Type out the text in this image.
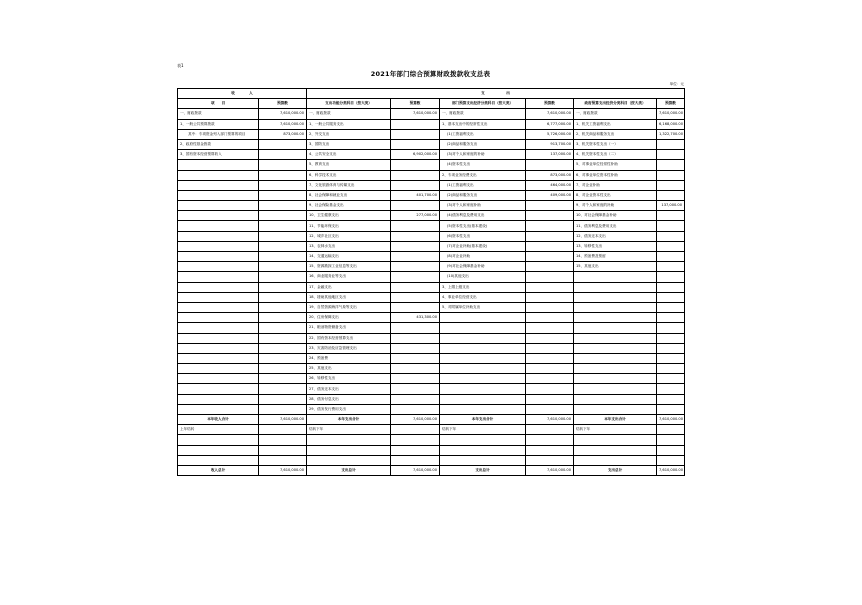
表1
2021年部门综合预算财政拨款收支总表
单位：元
收　　　　入		支　　　　　　出					
项　　目	预算数	支出功能分类科目（按大类）	预算数	部门预算支出经济分类科目（按大类）	预算数	政府预算支出经济分类科目（按大类）	预算数
一、财政拨款	7,610,000.00	一、财政拨款	7,610,000.00	一、财政拨款	7,610,000.00	一、财政拨款	7,610,000.00
1、一般公共预算拨款	7,610,000.00	1、一般公共服务支出		1、基本支出中的经常性支出	6,777,000.00	1、机关工资福利支出	6,168,000.00
其中：专项资金列入部门预算的项目	873,000.00	2、外交支出		(1)工资福利支出	5,726,000.00	2、机关商品和服务支出	1,322,700.00
2、政府性基金拨款		3、国防支出		(2)商品和服务支出	913,700.00	3、机关资本性支出（一）	
3、国有资本经营预算收入		4、公共安全支出	6,902,000.00	(3)对个人和家庭的补助	137,000.00	4、机关资本性支出（二）	
		5、教育支出		(4)资本性支出		5、对事业单位经常性补助	
		6、科学技术支出		2、专项业务经费支出	873,000.00	6、对事业单位资本性补助	
		7、文化旅游体育与传媒支出		(1)工资福利支出	464,000.00	7、对企业补助	
		8、社会保障和就业支出	401,700.00	(2)商品和服务支出	409,000.00	8、对企业资本性支出	
		9、社会保险基金支出		(3)对个人和家庭补助		9、对个人和家庭的补助	137,000.00
		10、卫生健康支出	277,000.00	(4)债务利息及费用支出		10、对社会保障基金补助	
		11、节能环保支出		(5)资本性支出(基本建设)		11、债务利息及费用支出	
		12、城乡社区支出		(6)资本性支出		12、债务还本支出	
		13、农林水支出		(7)对企业补助(基本建设)		13、转移性支出	
		14、交通运输支出		(8)对企业补助		14、预备费及预留	
		15、资源勘探工业信息等支出		(9)对社会保障基金补助		15、其他支出	
		16、商业服务业等支出		(10)其他支出			
		17、金融支出		3、上缴上级支出			
		18、援助其他地区支出		4、事业单位经营支出			
		19、自然资源海洋气象等支出		5、对附属单位补助支出			
		20、住房保障支出	431,300.00				
		21、粮油物资储备支出					
		22、国有资本经营预算支出					
		23、灾害防治及应急管理支出					
		24、预备费					
		25、其他支出					
		26、转移性支出					
		27、债务还本支出					
		28、债务付息支出					
		29、债务发行费用支出					
本年收入合计	7,610,000.00	本年支出合计	7,610,000.00	本年支出合计	7,610,000.00	本年支出合计	7,610,000.00
上年结转		结转下年		结转下年		结转下年	

收入总计	7,610,000.00	支出总计	7,610,000.00	支出总计	7,610,000.00	支出总计	7,610,000.00
